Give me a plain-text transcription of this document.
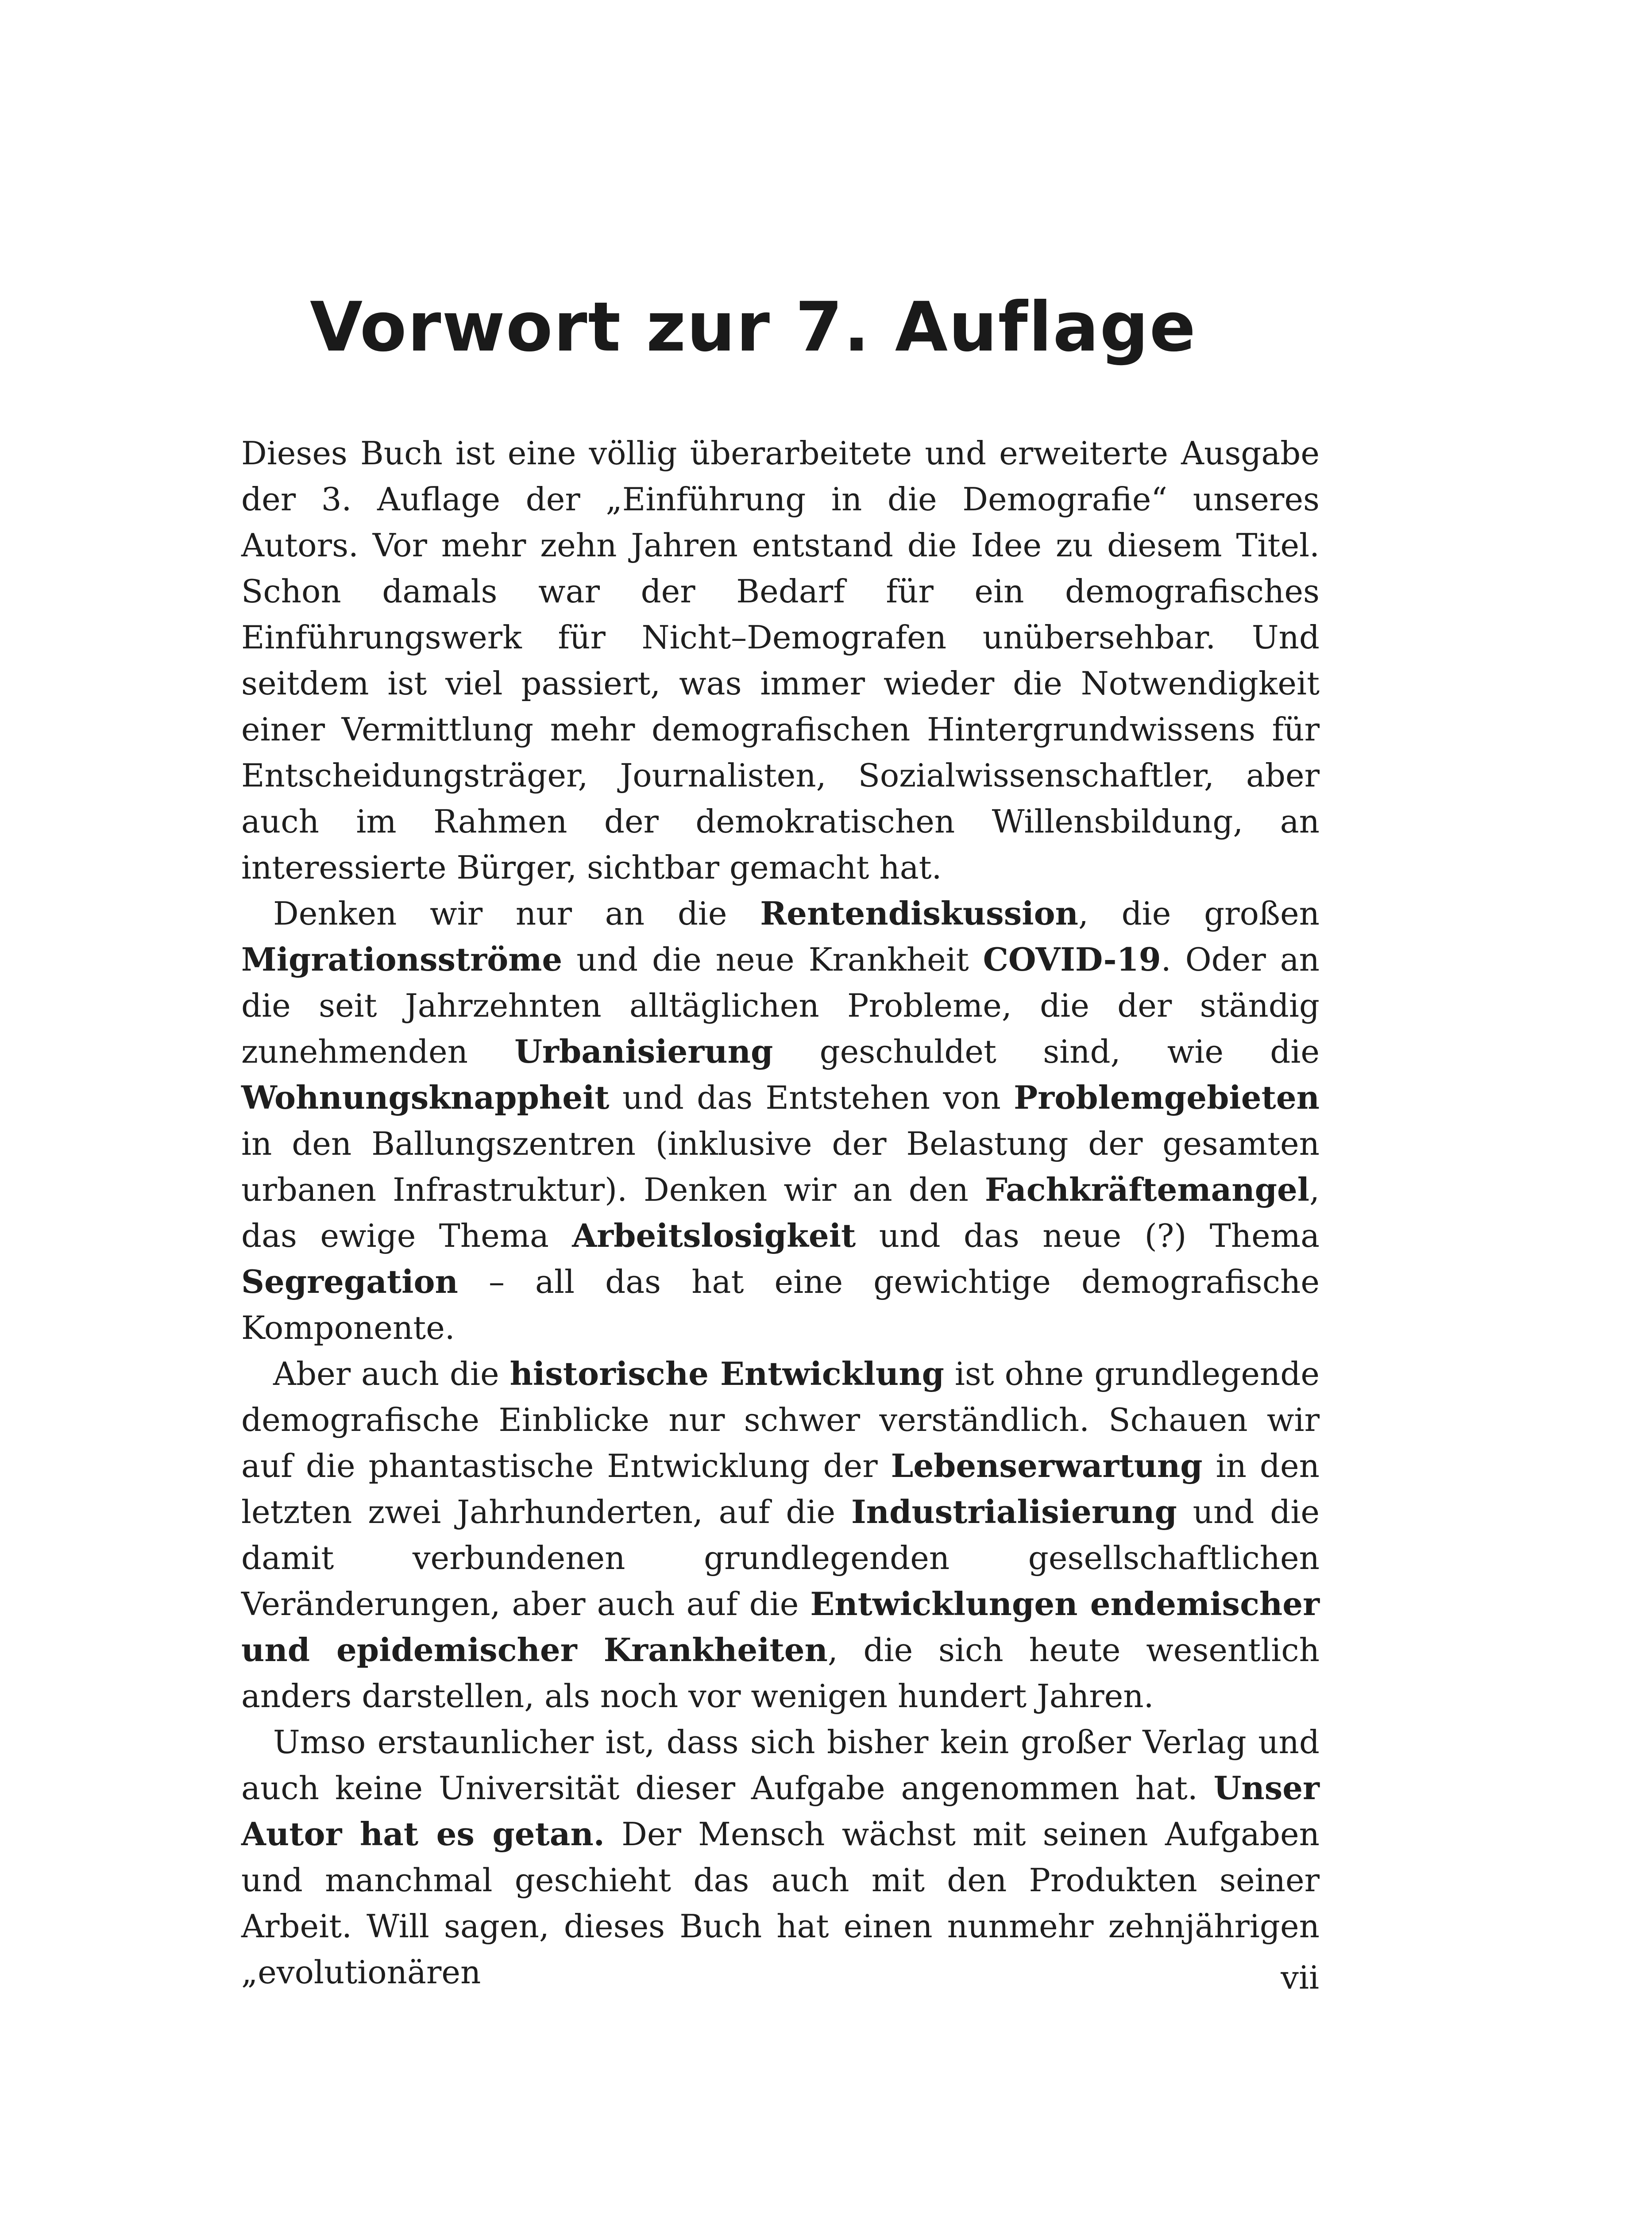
Vorwort zur 7. Auflage

Dieses Buch ist eine völlig überarbeitete und erweiterte Ausgabe der 3. Auflage der „Einführung in die Demografie“ unseres Autors. Vor mehr zehn Jahren entstand die Idee zu diesem Titel. Schon damals war der Bedarf für ein demografisches Einführungswerk für Nicht–Demografen unübersehbar. Und seitdem ist viel passiert, was immer wieder die Notwendigkeit einer Vermittlung mehr demografischen Hintergrundwissens für Entscheidungsträger, Journalisten, Sozialwissenschaftler, aber auch im Rahmen der demokratischen Willensbildung, an interessierte Bürger, sichtbar gemacht hat.

Denken wir nur an die Rentendiskussion, die großen Migrationsströme und die neue Krankheit COVID-19. Oder an die seit Jahrzehnten alltäglichen Probleme, die der ständig zunehmenden Urbanisierung geschuldet sind, wie die Wohnungsknappheit und das Entstehen von Problemgebieten in den Ballungszentren (inklusive der Belastung der gesamten urbanen Infrastruktur). Denken wir an den Fachkräftemangel, das ewige Thema Arbeitslosigkeit und das neue (?) Thema Segregation – all das hat eine gewichtige demografische Komponente.

Aber auch die historische Entwicklung ist ohne grundlegende demografische Einblicke nur schwer verständlich. Schauen wir auf die phantastische Entwicklung der Lebenserwartung in den letzten zwei Jahrhunderten, auf die Industrialisierung und die damit verbundenen grundlegenden gesellschaftlichen Veränderungen, aber auch auf die Entwicklungen endemischer und epidemischer Krankheiten, die sich heute wesentlich anders darstellen, als noch vor wenigen hundert Jahren.

Umso erstaunlicher ist, dass sich bisher kein großer Verlag und auch keine Universität dieser Aufgabe angenommen hat. Unser Autor hat es getan. Der Mensch wächst mit seinen Aufgaben und manchmal geschieht das auch mit den Produkten seiner Arbeit. Will sagen, dieses Buch hat einen nunmehr zehnjährigen „evolutionären	vii
